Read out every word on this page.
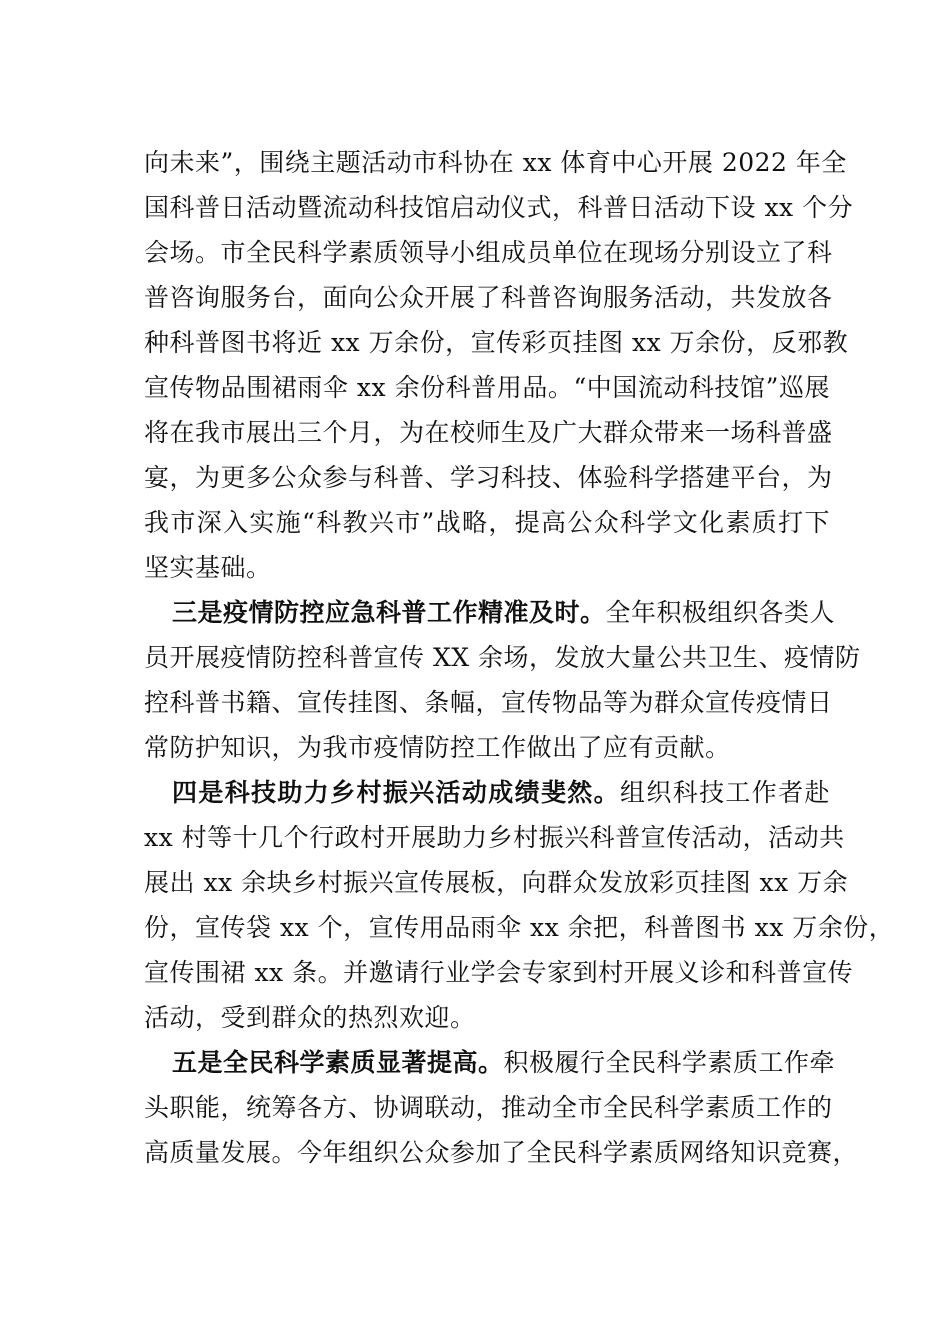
向未来”，围绕主题活动市科协在 xx 体育中心开展 2022 年全
国科普日活动暨流动科技馆启动仪式，科普日活动下设 xx 个分
会场。市全民科学素质领导小组成员单位在现场分别设立了科
普咨询服务台，面向公众开展了科普咨询服务活动，共发放各
种科普图书将近 xx 万余份，宣传彩页挂图 xx 万余份，反邪教
宣传物品围裙雨伞 xx 余份科普用品。“中国流动科技馆”巡展
将在我市展出三个月，为在校师生及广大群众带来一场科普盛
宴，为更多公众参与科普、学习科技、体验科学搭建平台，为
我市深入实施“科教兴市”战略，提高公众科学文化素质打下
坚实基础。
三是疫情防控应急科普工作精准及时。全年积极组织各类人
员开展疫情防控科普宣传 XX 余场，发放大量公共卫生、疫情防
控科普书籍、宣传挂图、条幅，宣传物品等为群众宣传疫情日
常防护知识，为我市疫情防控工作做出了应有贡献。
四是科技助力乡村振兴活动成绩斐然。组织科技工作者赴
xx 村等十几个行政村开展助力乡村振兴科普宣传活动，活动共
展出 xx 余块乡村振兴宣传展板，向群众发放彩页挂图 xx 万余
份，宣传袋 xx 个，宣传用品雨伞 xx 余把，科普图书 xx 万余份，
宣传围裙 xx 条。并邀请行业学会专家到村开展义诊和科普宣传
活动，受到群众的热烈欢迎。
五是全民科学素质显著提高。积极履行全民科学素质工作牵
头职能，统筹各方、协调联动，推动全市全民科学素质工作的
高质量发展。今年组织公众参加了全民科学素质网络知识竞赛，
